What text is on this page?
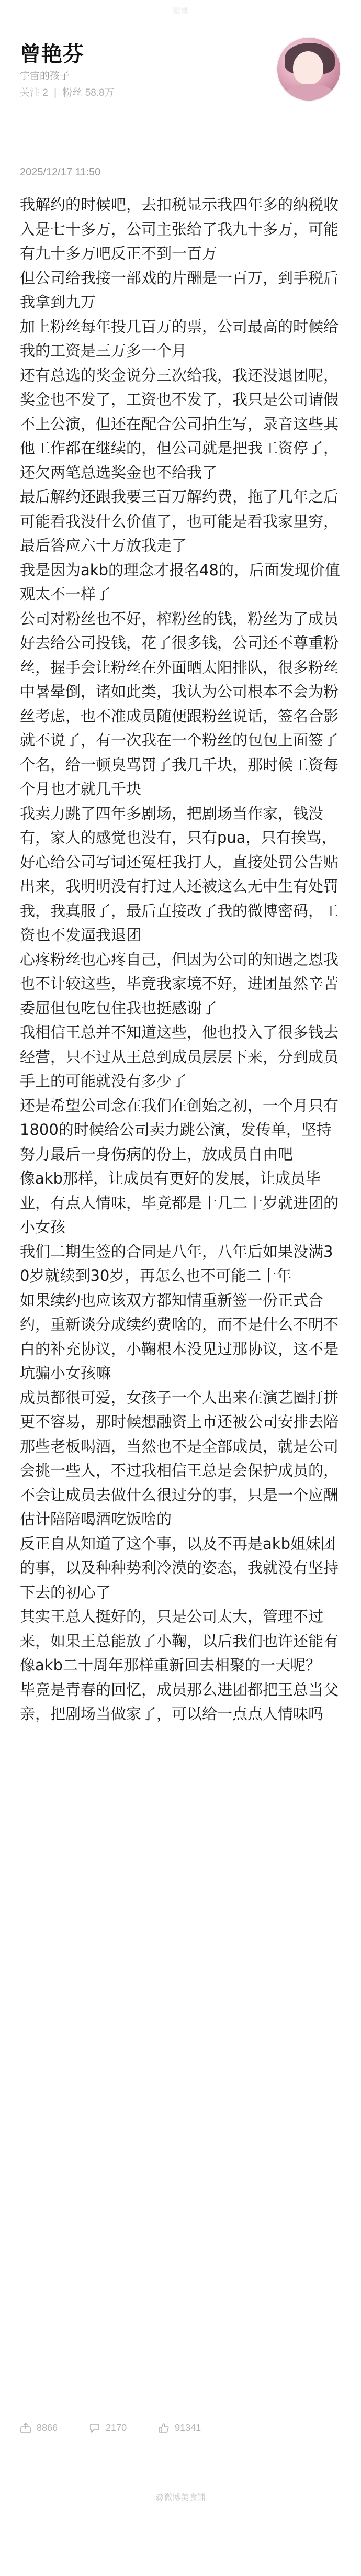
微博
曾艳芬
宇宙的孩子
关注 2 | 粉丝 58.8万
2025/12/17 11:50

我解约的时候吧，去扣税显示我四年多的纳税收入是七十多万，公司主张给了我九十多万，可能有九十多万吧反正不到一百万

但公司给我接一部戏的片酬是一百万，到手税后我拿到九万

加上粉丝每年投几百万的票，公司最高的时候给我的工资是三万多一个月

还有总选的奖金说分三次给我，我还没退团呢，奖金也不发了，工资也不发了，我只是公司请假不上公演，但还在配合公司拍生写，录音这些其他工作都在继续的，但公司就是把我工资停了，还欠两笔总选奖金也不给我了

最后解约还跟我要三百万解约费，拖了几年之后可能看我没什么价值了，也可能是看我家里穷，最后答应六十万放我走了

我是因为akb的理念才报名48的，后面发现价值观太不一样了

公司对粉丝也不好，榨粉丝的钱，粉丝为了成员好去给公司投钱，花了很多钱，公司还不尊重粉丝，握手会让粉丝在外面晒太阳排队，很多粉丝中暑晕倒，诸如此类，我认为公司根本不会为粉丝考虑，也不准成员随便跟粉丝说话，签名合影就不说了，有一次我在一个粉丝的包包上面签了个名，给一顿臭骂罚了我几千块，那时候工资每个月也才就几千块

我卖力跳了四年多剧场，把剧场当作家，钱没有，家人的感觉也没有，只有pua，只有挨骂，好心给公司写词还冤枉我打人，直接处罚公告贴出来，我明明没有打过人还被这么无中生有处罚我，我真服了，最后直接改了我的微博密码，工资也不发逼我退团

心疼粉丝也心疼自己，但因为公司的知遇之恩我也不计较这些，毕竟我家境不好，进团虽然辛苦委屈但包吃包住我也挺感谢了

我相信王总并不知道这些，他也投入了很多钱去经营，只不过从王总到成员层层下来，分到成员手上的可能就没有多少了

还是希望公司念在我们在创始之初，一个月只有1800的时候给公司卖力跳公演，发传单，坚持努力最后一身伤病的份上，放成员自由吧

像akb那样，让成员有更好的发展，让成员毕业，有点人情味，毕竟都是十几二十岁就进团的小女孩

我们二期生签的合同是八年，八年后如果没满30岁就续到30岁，再怎么也不可能二十年

如果续约也应该双方都知情重新签一份正式合约，重新谈分成续约费啥的，而不是什么不明不白的补充协议，小鞠根本没见过那协议，这不是坑骗小女孩嘛

成员都很可爱，女孩子一个人出来在演艺圈打拼更不容易，那时候想融资上市还被公司安排去陪那些老板喝酒，当然也不是全部成员，就是公司会挑一些人，不过我相信王总是会保护成员的，不会让成员去做什么很过分的事，只是一个应酬估计陪陪喝酒吃饭啥的

反正自从知道了这个事，以及不再是akb姐妹团的事，以及种种势利冷漠的姿态，我就没有坚持下去的初心了

其实王总人挺好的，只是公司太大，管理不过来，如果王总能放了小鞠，以后我们也许还能有像akb二十周年那样重新回去相聚的一天呢？

毕竟是青春的回忆，成员那么进团都把王总当父亲，把剧场当做家了，可以给一点点人情味吗

8866	2170	91341
@微博美食铺
